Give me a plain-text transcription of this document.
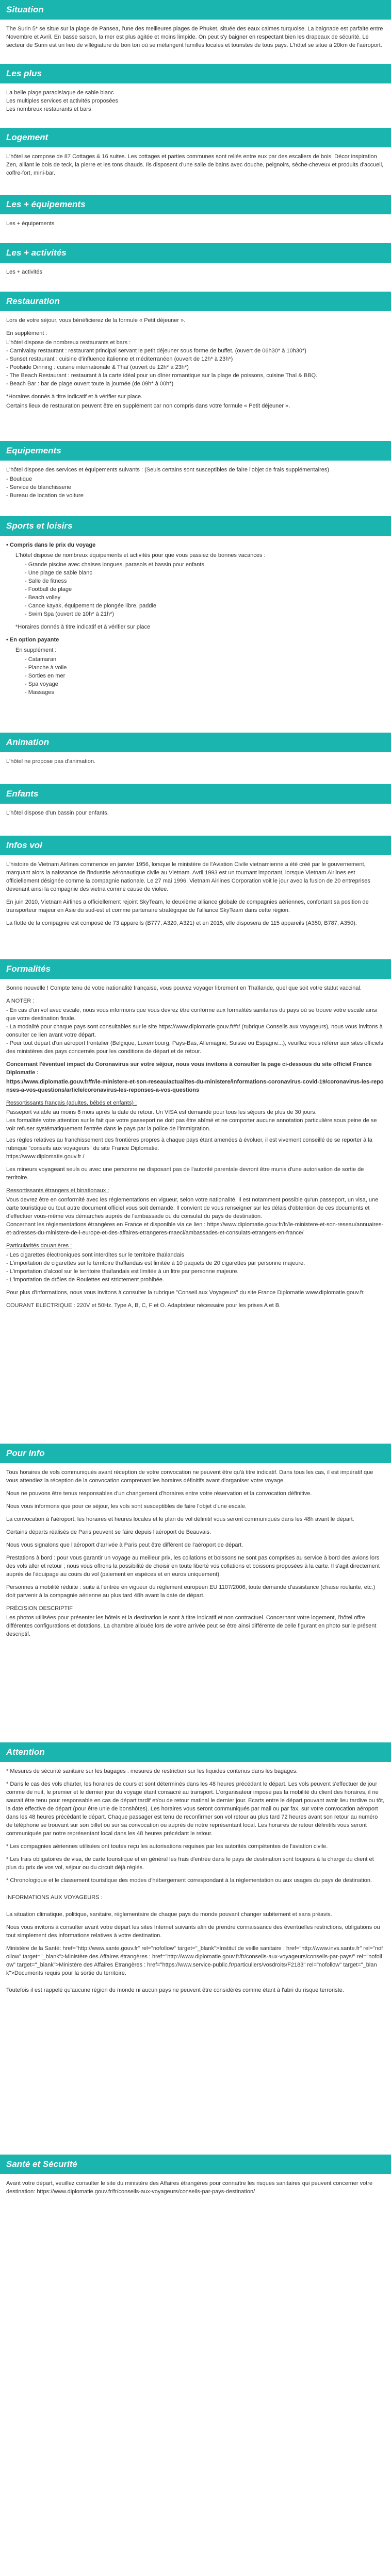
Situation

The Surin 5* se situe sur la plage de Pansea, l'une des meilleures plages de Phuket, située des eaux calmes turquoise. La baignade est parfaite entre Novembre et Avril. En basse saison, la mer est plus agitée et moins limpide. On peut s'y baigner en respectant bien les drapeaux de sécurité. Le secteur de Surin est un lieu de villégiature de bon ton où se mélangent familles locales et touristes de tous pays. L'hôtel se situe à 20km de l'aéroport.

Les plus
La belle plage paradisiaque de sable blanc
Les multiples services et activités proposées
Les nombreux restaurants et bars
Logement

L'hôtel se compose de 87 Cottages & 16 suites. Les cottages et parties communes sont reliés entre eux par des escaliers de bois. Décor inspiration Zen, alliant le bois de teck, la pierre et les tons chauds. Ils disposent d'une salle de bains avec douche, peignoirs, sèche-cheveux et produits d'accueil, coffre-fort, mini-bar.

Les + équipements

Les + équipements

Les + activités

Les + activités

Restauration

Lors de votre séjour, vous bénéficierez de la formule « Petit déjeuner ».

En supplément :

L'hôtel dispose de nombreux restaurants et bars :
- Carnivalay restaurant : restaurant principal servant le petit déjeuner sous forme de buffet, (ouvert de 06h30* à 10h30*)
- Sunset restaurant : cuisine d'influence italienne et méditerranéen (ouvert de 12h* à 23h*)
- Poolside Dinning : cuisine internationale & Thaï (ouvert de 12h* à 23h*)
- The Beach Restaurant : restaurant à la carte idéal pour un dîner romantique sur la plage de poissons, cuisine Thaï & BBQ.
- Beach Bar : bar de plage ouvert toute la journée (de 09h* à 00h*)

*Horaires donnés à titre indicatif et à vérifier sur place.

Certains lieux de restauration peuvent être en supplément car non compris dans votre formule « Petit déjeuner ».

Equipements

L'hôtel dispose des services et équipements suivants : (Seuls certains sont susceptibles de faire l'objet de frais supplémentaires)

- Boutique
- Service de blanchisserie
- Bureau de location de voiture
Sports et loisirs

• Compris dans le prix du voyage

L'hôtel dispose de nombreux équipements et activités pour que vous passiez de bonnes vacances :

- Grande piscine avec chaises longues, parasols et bassin pour enfants
- Une plage de sable blanc
- Salle de fitness
- Football de plage
- Beach volley
- Canoe kayak, équipement de plongée libre, paddle
- Swim Spa (ouvert de 10h* à 21h*)

*Horaires donnés à titre indicatif et à vérifier sur place

• En option payante

En supplément :

- Catamaran
- Planche à voile
- Sorties en mer
- Spa voyage
- Massages
Animation

L'hôtel ne propose pas d'animation.

Enfants

L'hôtel dispose d'un bassin pour enfants.

Infos vol

L'histoire de Vietnam Airlines commence en janvier 1956, lorsque le ministère de l'Aviation Civile vietnamienne a été créé par le gouvernement, marquant alors la naissance de l'industrie aéronautique civile au Vietnam. Avril 1993 est un tournant important, lorsque Vietnam Airlines est officiellement désignée comme la compagnie nationale. Le 27 mai 1996, Vietnam Airlines Corporation voit le jour avec la fusion de 20 entreprises devenant ainsi la compagnie des vietna comme cause de violee.

En juin 2010, Vietnam Airlines a officiellement rejoint SkyTeam, le deuxième alliance globale de compagnies aériennes, confortant sa position de transporteur majeur en Asie du sud-est et comme partenaire stratégique de l'alliance SkyTeam dans cette région.

La flotte de la compagnie est composé de 73 appareils (B777, A320, A321) et en 2015, elle disposera de 115 appareils (A350, B787, A350).

Formalités

Bonne nouvelle ! Compte tenu de votre nationalité française, vous pouvez voyager librement en Thaïlande, quel que soit votre statut vaccinal.

A NOTER :

- En cas d'un vol avec escale, nous vous informons que vous devrez être conforme aux formalités sanitaires du pays où se trouve votre escale ainsi que votre destination finale.
- La modalité pour chaque pays sont consultables sur le site https://www.diplomatie.gouv.fr/fr/ (rubrique Conseils aux voyageurs), nous vous invitons à consulter ce lien avant votre départ.
- Pour tout départ d'un aéroport frontalier (Belgique, Luxembourg, Pays-Bas, Allemagne, Suisse ou Espagne...), veuillez vous référer aux sites officiels des ministères des pays concernés pour les conditions de départ et de retour.

Concernant l'éventuel impact du Coronavirus sur votre séjour, nous vous invitons à consulter la page ci-dessous du site officiel France Diplomatie :

https://www.diplomatie.gouv.fr/fr/le-ministere-et-son-reseau/actualites-du-ministere/informations-coronavirus-covid-19/coronavirus-les-reponses-a-vos-questions/article/coronavirus-les-reponses-a-vos-questions

Ressortissants français (adultes, bébés et enfants) :

Passeport valable au moins 6 mois après la date de retour. Un VISA est demandé pour tous les séjours de plus de 30 jours.
Les formalités votre attention sur le fait que votre passeport ne doit pas être abîmé et ne comporter aucune annotation particulière sous peine de se voir refuser systématiquement l'entrée dans le pays par la police de l'immigration.
Les règles relatives au franchissement des frontières propres à chaque pays étant amenées à évoluer, il est vivement conseillé de se reporter à la rubrique "conseils aux voyageurs" du site France Diplomatie.
https://www.diplomatie.gouv.fr /

Les mineurs voyageant seuls ou avec une personne ne disposant pas de l'autorité parentale devront être munis d'une autorisation de sortie de territoire.

Ressortissants étrangers et binationaux :

Vous devrez être en conformité avec les réglementations en vigueur, selon votre nationalité. Il est notamment possible qu'un passeport, un visa, une carte touristique ou tout autre document officiel vous soit demandé. Il convient de vous renseigner sur les délais d'obtention de ces documents et d'effectuer vous-même vos démarches auprès de l'ambassade ou du consulat du pays de destination.
Concernant les réglementations étrangères en France et disponible via ce lien : https://www.diplomatie.gouv.fr/fr/le-ministere-et-son-reseau/annuaires-et-adresses-du-ministere-de-l-europe-et-des-affaires-etrangeres-maeci/ambassades-et-consulats-etrangers-en-france/

Particularités douanières :

- Les cigarettes électroniques sont interdites sur le territoire thaïlandais
- L'importation de cigarettes sur le territoire thaïlandais est limitée à 10 paquets de 20 cigarettes par personne majeure.
- L'importation d'alcool sur le territoire thaïlandais est limitée à un litre par personne majeure.
- L'importation de drôles de Roulettes est strictement prohibée.

Pour plus d'informations, nous vous invitons à consulter la rubrique "Conseil aux Voyageurs" du site France Diplomatie www.diplomatie.gouv.fr

COURANT ELECTRIQUE : 220V et 50Hz. Type A, B, C, F et O. Adaptateur nécessaire pour les prises A et B.

Pour info

Tous horaires de vols communiqués avant réception de votre convocation ne peuvent être qu'à titre indicatif. Dans tous les cas, il est impératif que vous attendiez la réception de la convocation comprenant les horaires définitifs avant d'organiser votre voyage.

Nous ne pouvons être tenus responsables d'un changement d'horaires entre votre réservation et la convocation définitive.

Nous vous informons que pour ce séjour, les vols sont susceptibles de faire l'objet d'une escale.

La convocation à l'aéroport, les horaires et heures locales et le plan de vol définitif vous seront communiqués dans les 48h avant le départ.

Certains départs réalisés de Paris peuvent se faire depuis l'aéroport de Beauvais.

Nous vous signalons que l'aéroport d'arrivée à Paris peut être différent de l'aéroport de départ.

Prestations à bord : pour vous garantir un voyage au meilleur prix, les collations et boissons ne sont pas comprises au service à bord des avions lors des vols aller et retour ; nous vous offrons la possibilité de choisir en toute liberté vos collations et boissons proposées à la carte. Il s'agit directement auprès de l'équipage au cours du vol (paiement en espèces et en euros uniquement).

Personnes à mobilité réduite : suite à l'entrée en vigueur du règlement européen EU 1107/2006, toute demande d'assistance (chaise roulante, etc.) doit parvenir à la compagnie aérienne au plus tard 48h avant la date de départ.

PRÉCISION DESCRIPTIF

Les photos utilisées pour présenter les hôtels et la destination le sont à titre indicatif et non contractuel. Concernant votre logement, l'hôtel offre différentes configurations et dotations. La chambre allouée lors de votre arrivée peut se être ainsi différente de celle figurant en photo sur le présent descriptif.

Attention

* Mesures de sécurité sanitaire sur les bagages : mesures de restriction sur les liquides contenus dans les bagages.

* Dans le cas des vols charter, les horaires de cours et sont déterminés dans les 48 heures précédant le départ. Les vols peuvent s'effectuer de jour comme de nuit, le premier et le dernier jour du voyage étant consacré au transport. L'organisateur impose pas la mobilité du client des horaires, il ne saurait être tenu pour responsable en cas de départ tardif et/ou de retour matinal le dernier jour. Ecarts entre le départ pouvant avoir lieu tardive ou tôt, la date effective de départ (pour être unie de bonshôtes). Les horaires vous seront communiqués par mail ou par fax, sur votre convocation aéroport dans les 48 heures précédant le départ. Chaque passager est tenu de reconfirmer son vol retour au plus tard 72 heures avant son retour au numéro de téléphone se trouvant sur son billet ou sur sa convocation ou auprès de notre représentant local. Les horaires de retour définitifs vous seront communiqués par notre représentant local dans les 48 heures précédant le retour.

* Les compagnies aériennes utilisées ont toutes reçu les autorisations requises par les autorités compétentes de l'aviation civile.

* Les frais obligatoires de visa, de carte touristique et en général les frais d'entrée dans le pays de destination sont toujours à la charge du client et plus du prix de vos vol, séjour ou du circuit déjà réglés.

* Chronologique et le classement touristique des modes d'hébergement correspondant à la réglementation ou aux usages du pays de destination.

INFORMATIONS AUX VOYAGEURS :

La situation climatique, politique, sanitaire, réglementaire de chaque pays du monde pouvant changer subitement et sans préavis.

Nous vous invitons à consulter avant votre départ les sites Internet suivants afin de prendre connaissance des éventuelles restrictions, obligations ou tout simplement des informations relatives à votre destination.

Ministère de la Santé: href="http://www.sante.gouv.fr" rel="nofollow" target="_blank">Institut de veille sanitaire : href="http://www.invs.sante.fr" rel="nofollow" target="_blank">Ministère des Affaires étrangères : href="http://www.diplomatie.gouv.fr/fr/conseils-aux-voyageurs/conseils-par-pays/" rel="nofollow" target="_blank">Ministère des Affaires Etrangères : href="https://www.service-public.fr/particuliers/vosdroits/F2183" rel="nofollow" target="_blank">Documents requis pour la sortie du territoire.

Toutefois il est rappelé qu'aucune région du monde ni aucun pays ne peuvent être considérés comme étant à l'abri du risque terroriste.

Santé et Sécurité

Avant votre départ, veuillez consulter le site du ministère des Affaires étrangères pour connaître les risques sanitaires qui peuvent concerner votre destination: https://www.diplomatie.gouv.fr/fr/conseils-aux-voyageurs/conseils-par-pays-destination/
